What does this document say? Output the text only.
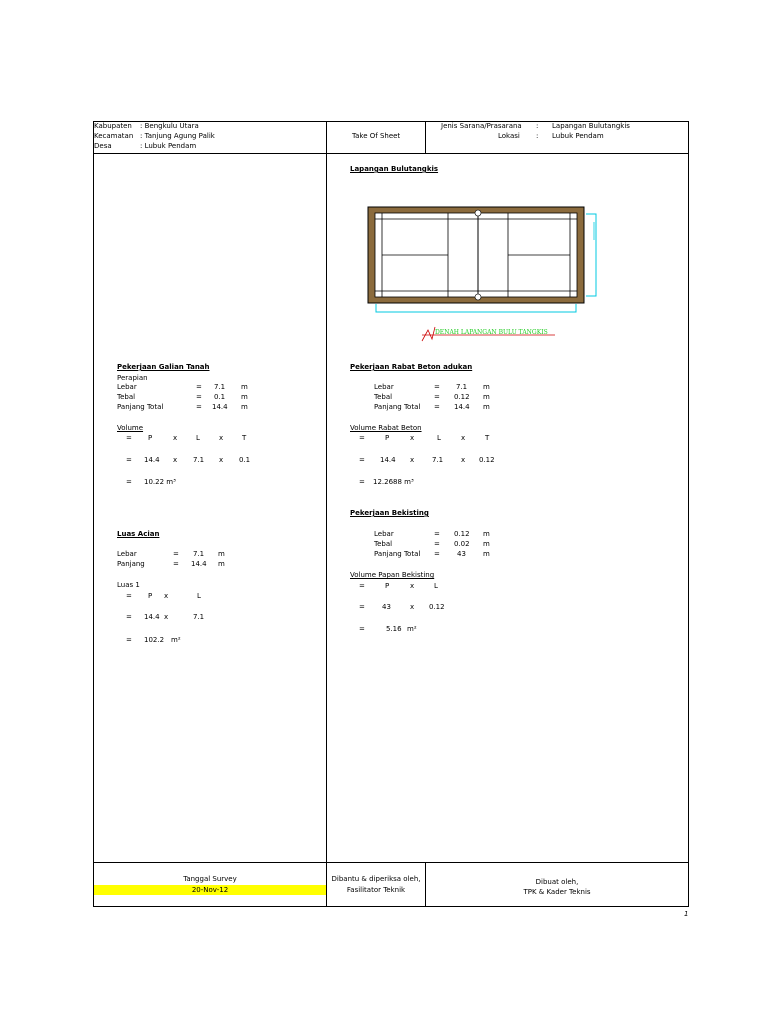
Kabupaten : Bengkulu Utara
Kecamatan : Tanjung Agung Palik
Desa	: Lubuk Pendam
Take Of Sheet
Jenis Sarana/Prasarana : Lapangan Bulutangkis
Lokasi : Lubuk Pendam
Lapangan Bulutangkis
DENAH LAPANGAN BULU TANGKIS
Pekerjaan Galian Tanah
Perapian
Lebar	= 7.1 m
Tebal	= 0.1 m
Panjang Total	= 14.4 m
Volume
= P	x	L	x	T
= 14.4 x 7.1 x 0.1
= 10.22 m³
Luas Acian
Lebar	= 7.1 m
Panjang	= 14.4 m
Luas 1
= P x	L
= 14.4 x	7.1
= 102.2 m²
Pekerjaan Rabat Beton adukan
Lebar	= 7.1 m
Tebal	= 0.12 m
Panjang Total = 14.4 m
Volume Rabat Beton
=	P	x	L	x	T
= 14.4 x	7.1	x 0.12
= 12.2688 m³
Pekerjaan Bekisting
Lebar	= 0.12 m
Tebal	= 0.02 m
Panjang Total = 43 m
Volume Papan Bekisting
=	P	x	L
= 43	x 0.12
=	5.16 m²
Tanggal Survey
20-Nov-12
Dibantu & diperiksa oleh,
Fasilitator Teknik
Dibuat oleh,
TPK & Kader Teknis
1
